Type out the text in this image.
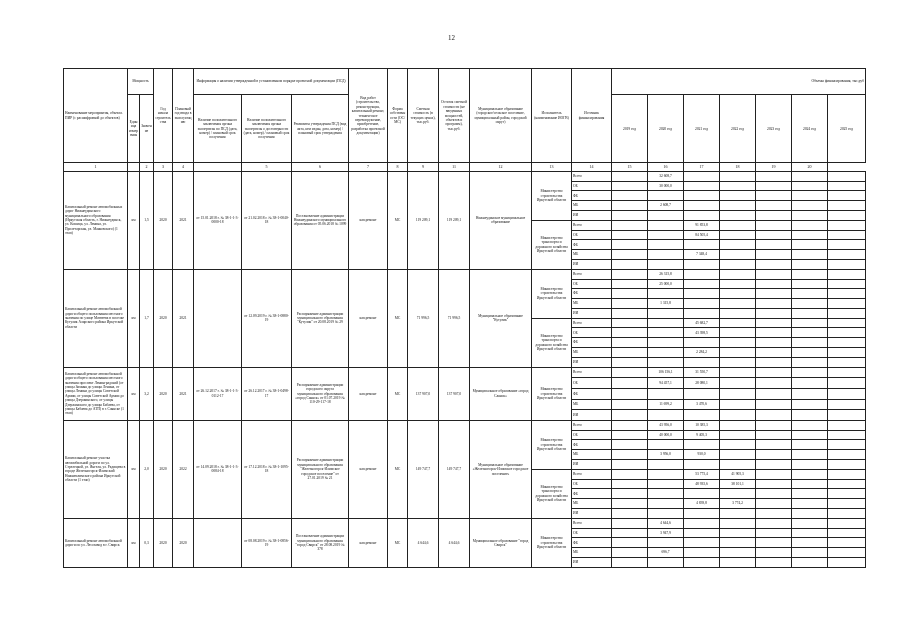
12
Наименование мероприятия, объекта. ПИР (с расшифровкой до объектов)	Мощность		Год начала строительства	Плановый год ввода в эксплуатацию	Информация о наличии утвержденной в установленном порядке проектной документации (ПСД)			Вид работ (строительство, реконструкция, капитальный ремонт, техническое перевооружение, приобретение, разработка проектной документации)	Форма собственности (ОС/МС)	Сметная стоимость (в текущих ценах), тыс.руб.	Остаток сметной стоимости (не введенных мощностей, объектов и программ), тыс.руб.	Муниципальное образование (городское/сельское поселение, муниципальный район, городской округ)	Исполнитель (наименование ИОГВ)	Источник финансирования	Объемы финансирования, тыс.руб						
	Единица измерения	Значение			Наличие положительного заключения органа экспертизы по ПСД (дата, номер) / плановый срок получения	Наличие положительного заключения органа экспертизы о достоверности (дата, номер) / плановый срок получения	Реквизиты утверждения ПСД (вид акта, кем издан, дата, номер) / плановый срок утверждения								2019 год	2020 год	2021 год	2022 год	2023 год	2024 год	2025 год

1		2	3	4		5	6	7	8	9	11	12	13	14	15	16	17	18	19	20	
Капитальный ремонт автомобильных дорог Нижнеудинского муниципального образования (Иркутская область, г. Нижнеудинск, ул. Кошица, ул. Ленина, ул. Пролетарская, ул. Маяковского) (1 этап)	км	1,5	2020	2021	от 15.01.2018 г. № 38-1-1-3-0000-18	от 21.02.2018 г. № 38-1-0040-18	Постановление администрации Нижнеудинского муниципального образования от 05.06.2018 № 1099	кап.ремонт	МС	119 209,1	119 209,1	Нижнеудинское муниципальное образование	Министерство строительства Иркутской области	Всего		32 608,7					
														ОБ		30 000,0					
														ФБ							
														МБ		2 608,7					
														ИИ							
													Министерство транспорта и дорожного хозяйства Иркутской области	Всего			91 853,8				
														ОБ			84 505,4				
														ФБ							
														МБ			7 348,4				
														ИИ							
Капитальный ремонт автомобильной дороги общего пользования местного значения по улице Матвеева в поселке Кутулик Аларского района Иркутской области	км	1,7	2020	2021		от 12.09.2019 г. № 38-1-0880-19	Распоряжение администрации муниципального образования "Кутулик" от 20.08.2019 № 29	кап.ремонт	МС	71 996,5	71 996,5	Муниципальное образование "Кутулик"	Министерство строительства Иркутской области	Всего		26 315,8					
														ОБ		25 000,0					
														ФБ							
														МБ		1 315,8					
														ИИ							
													Министерство транспорта и дорожного хозяйства Иркутской области	Всего			45 682,7				
														ОБ			43 398,5				
														ФБ							
														МБ			2 284,2				
														ИИ							
Капитальный ремонт автомобильной дороги общего пользования местного значения проспект Ленинградский (от улицы Зимняя до улицы Ленина, от улицы Ленина до улицы Советской Армии, от улицы Советской Армии до улицы Дзержинского, от улицы Дзержинского до улицы Бабаева, от улицы Бабаева до АТП) в г. Саянске (1 этап)	км	3,2	2020	2021	от 26.12.2017 г. № 38-1-1-3-0112-17	от 26.12.2017 г. № 38-1-0498-17	Распоряжение администрации городского округа муниципального образования «город Саянск» от 01.07.2019 № 110-29-117-18	кап.ремонт	МС	137 907,0	137 907,0	Муниципальное образование «город Саянск»	Министерство строительства Иркутской области	Всего		106 156,1	31 550,7				
														ОБ		94 457,1	28 080,1				
														ФБ							
														МБ		11 699,2	3 470,6				
														ИИ							
Капитальный ремонт участка автомобильной дороги по ул. Стрелецкой, ул. Янгеля, ул. Радищева в городе Железногорск-Илимский Нижнеилимского района Иркутской области (1 этап)	км	2,0	2020	2022	от 14.09.2018 г. № 38-1-1-3-0084-18	от 17.12.2018 г. № 38-1-1095-18	Распоряжение администрации муниципального образования "Железногорск-Илимское городское поселение" от 27.01.2019 № 21	кап.ремонт	МС	149 747,7	149 747,7	Муниципальное образование «Железногорск-Илимское городское поселение»	Министерство строительства Иркутской области	Всего		43 956,0	10 385,3				
														ОБ		40 000,0	9 405,3				
														ФБ							
														МБ		3 956,0	930,0				
														ИИ							
													Министерство транспорта и дорожного хозяйства Иркутской области	Всего			53 775,4	41 905,3			
														ОБ			48 935,6	38 101,1			
														ФБ							
														МБ			4 839,8	3 774,2			
														ИИ							
Капитальный ремонт автомобильной дороги по ул. Лесозавод в г. Свирск	км	0,3	2020	2020		от 08.08.2019 г. № 38-1-0856-19	Постановление администрации муниципального образования "город Свирск" от 28.08.2019 № 378	кап.ремонт	МС	4 644,6	4 644,6	Муниципальное образование "город Свирск"	Министерство строительства Иркутской области	Всего		4 644,6					
														ОБ		3 947,9					
														ФБ							
														МБ		696,7					
														ИИ							
